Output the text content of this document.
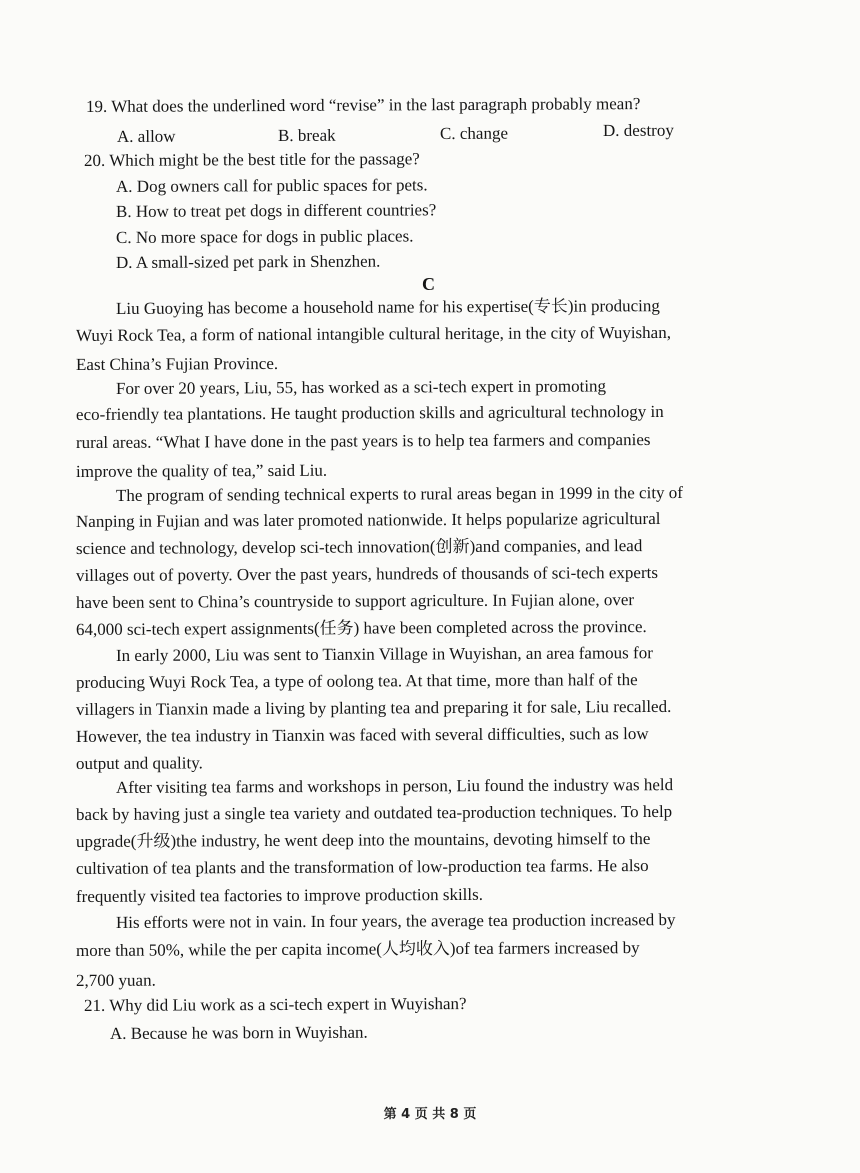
19. What does the underlined word “revise” in the last paragraph probably mean?
A. allow	B. break	C. change	D. destroy
20. Which might be the best title for the passage?
A. Dog owners call for public spaces for pets.
B. How to treat pet dogs in different countries?
C. No more space for dogs in public places.
D. A small-sized pet park in Shenzhen.
C
Liu Guoying has become a household name for his expertise(专长)in producing
Wuyi Rock Tea, a form of national intangible cultural heritage, in the city of Wuyishan,
East China’s Fujian Province.
For over 20 years, Liu, 55, has worked as a sci-tech expert in promoting
eco-friendly tea plantations. He taught production skills and agricultural technology in
rural areas. “What I have done in the past years is to help tea farmers and companies
improve the quality of tea,” said Liu.
The program of sending technical experts to rural areas began in 1999 in the city of
Nanping in Fujian and was later promoted nationwide. It helps popularize agricultural
science and technology, develop sci-tech innovation(创新)and companies, and lead
villages out of poverty. Over the past years, hundreds of thousands of sci-tech experts
have been sent to China’s countryside to support agriculture. In Fujian alone, over
64,000 sci-tech expert assignments(任务) have been completed across the province.
In early 2000, Liu was sent to Tianxin Village in Wuyishan, an area famous for
producing Wuyi Rock Tea, a type of oolong tea. At that time, more than half of the
villagers in Tianxin made a living by planting tea and preparing it for sale, Liu recalled.
However, the tea industry in Tianxin was faced with several difficulties, such as low
output and quality.
After visiting tea farms and workshops in person, Liu found the industry was held
back by having just a single tea variety and outdated tea-production techniques. To help
upgrade(升级)the industry, he went deep into the mountains, devoting himself to the
cultivation of tea plants and the transformation of low-production tea farms. He also
frequently visited tea factories to improve production skills.
His efforts were not in vain. In four years, the average tea production increased by
more than 50%, while the per capita income(人均收入)of tea farmers increased by
2,700 yuan.
21. Why did Liu work as a sci-tech expert in Wuyishan?
A. Because he was born in Wuyishan.
第 4 页 共 8 页
